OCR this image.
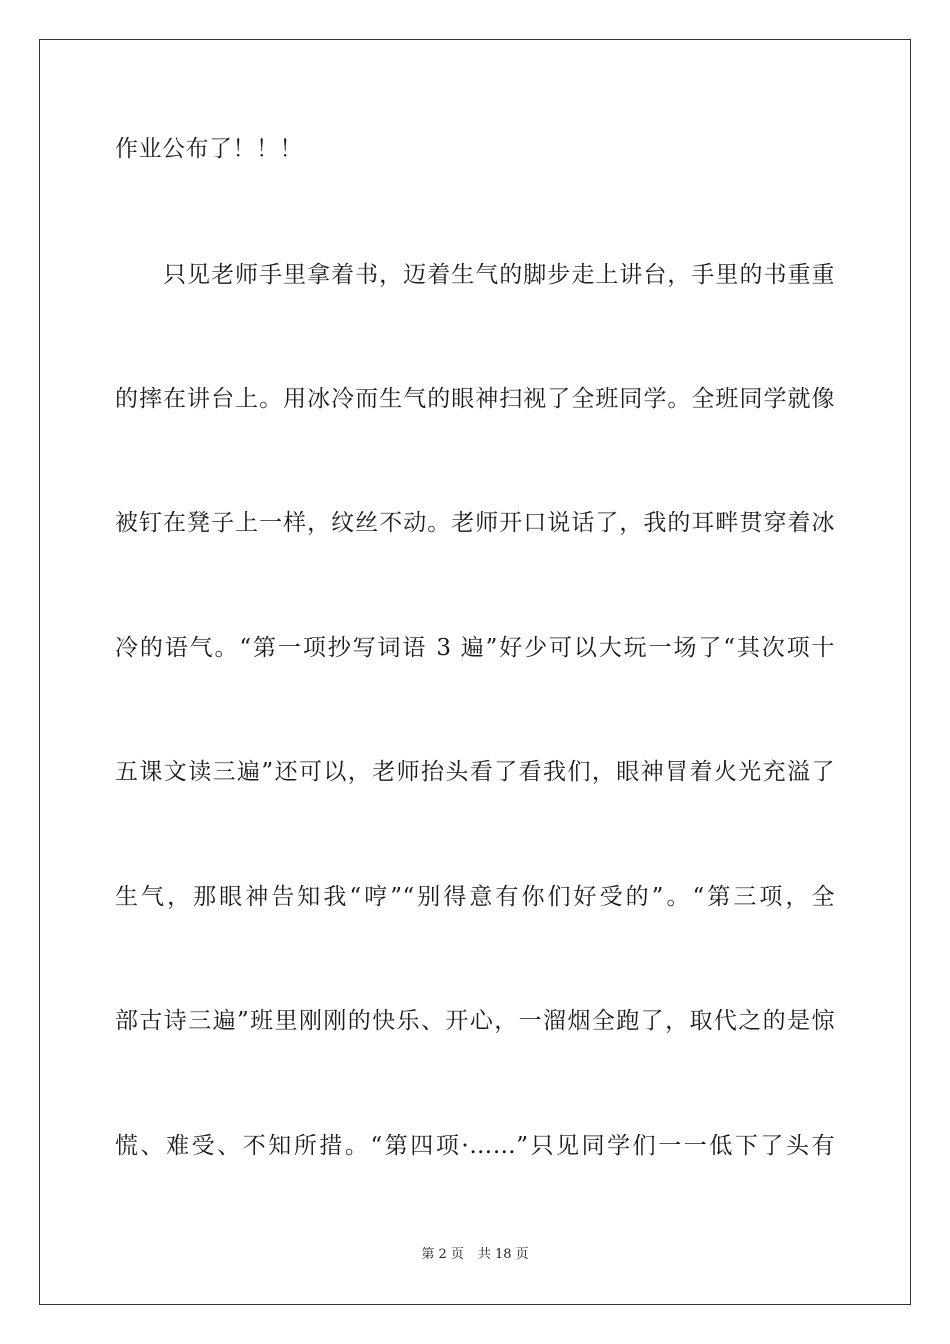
作业公布了！！！
只见老师手里拿着书，迈着生气的脚步走上讲台，手里的书重重
的摔在讲台上。用冰冷而生气的眼神扫视了全班同学。全班同学就像
被钉在凳子上一样，纹丝不动。老师开口说话了，我的耳畔贯穿着冰
冷的语气。“第一项抄写词语 3 遍”好少可以大玩一场了“其次项十
五课文读三遍”还可以，老师抬头看了看我们，眼神冒着火光充溢了
生气，那眼神告知我“哼”“别得意有你们好受的”。“第三项，全
部古诗三遍”班里刚刚的快乐、开心，一溜烟全跑了，取代之的是惊
慌、难受、不知所措。“第四项·……”只见同学们一一低下了头有
第 2 页 共 18 页
